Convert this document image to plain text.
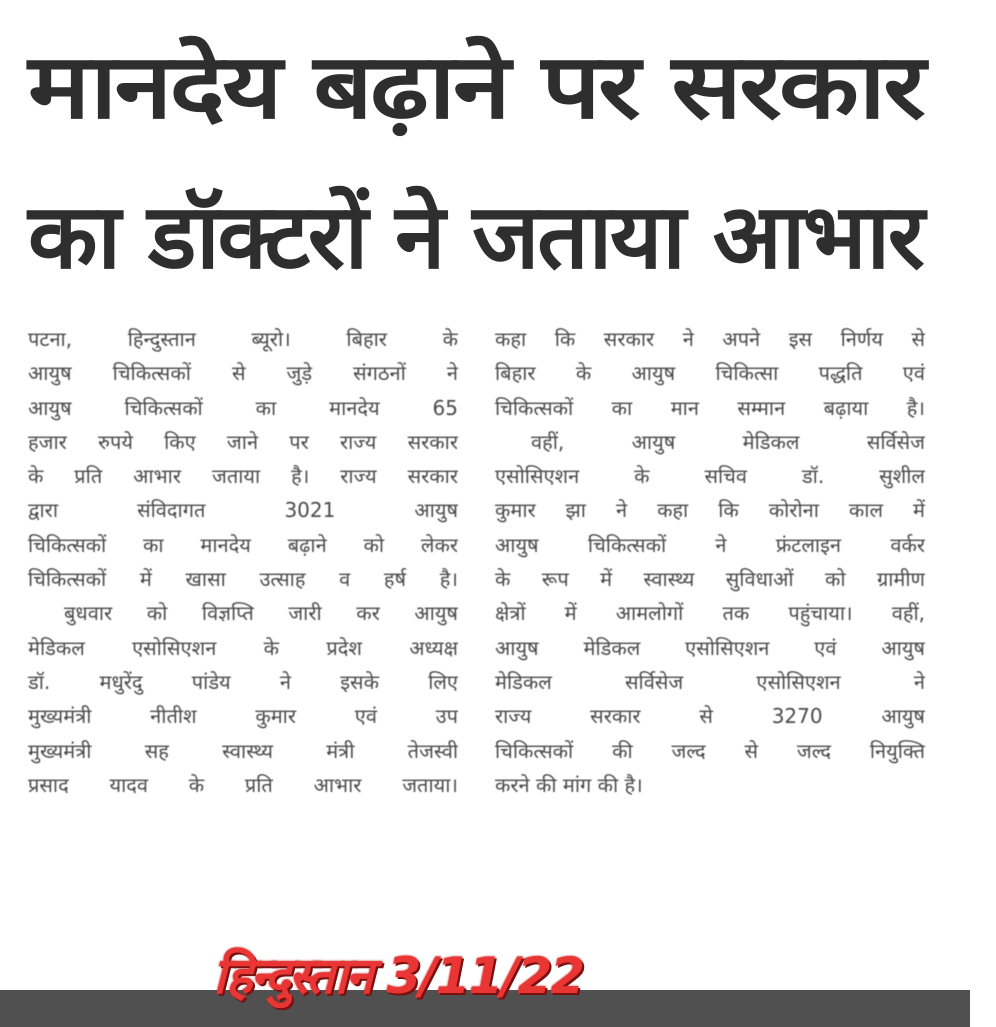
मानदेय बढ़ाने पर सरकार
का डॉक्टरों ने जताया आभार
पटना, हिन्दुस्तान ब्यूरो। बिहार के
आयुष चिकित्सकों से जुड़े संगठनों ने
आयुष चिकित्सकों का मानदेय 65
हजार रुपये किए जाने पर राज्य सरकार
के प्रति आभार जताया है। राज्य सरकार
द्वारा संविदागत 3021 आयुष
चिकित्सकों का मानदेय बढ़ाने को लेकर
चिकित्सकों में खासा उत्साह व हर्ष है।
बुधवार को विज्ञप्ति जारी कर आयुष
मेडिकल एसोसिएशन के प्रदेश अध्यक्ष
डॉ. मधुरेंदु पांडेय ने इसके लिए
मुख्यमंत्री नीतीश कुमार एवं उप
मुख्यमंत्री सह स्वास्थ्य मंत्री तेजस्वी
प्रसाद यादव के प्रति आभार जताया।
कहा कि सरकार ने अपने इस निर्णय से
बिहार के आयुष चिकित्सा पद्धति एवं
चिकित्सकों का मान सम्मान बढ़ाया है।
वहीं, आयुष मेडिकल सर्विसेज
एसोसिएशन के सचिव डॉ. सुशील
कुमार झा ने कहा कि कोरोना काल में
आयुष चिकित्सकों ने फ्रंटलाइन वर्कर
के रूप में स्वास्थ्य सुविधाओं को ग्रामीण
क्षेत्रों में आमलोगों तक पहुंचाया। वहीं,
आयुष मेडिकल एसोसिएशन एवं आयुष
मेडिकल सर्विसेज एसोसिएशन ने
राज्य सरकार से 3270 आयुष
चिकित्सकों की जल्द से जल्द नियुक्ति
करने की मांग की है।
हिन्दुस्तान 3/11/22
